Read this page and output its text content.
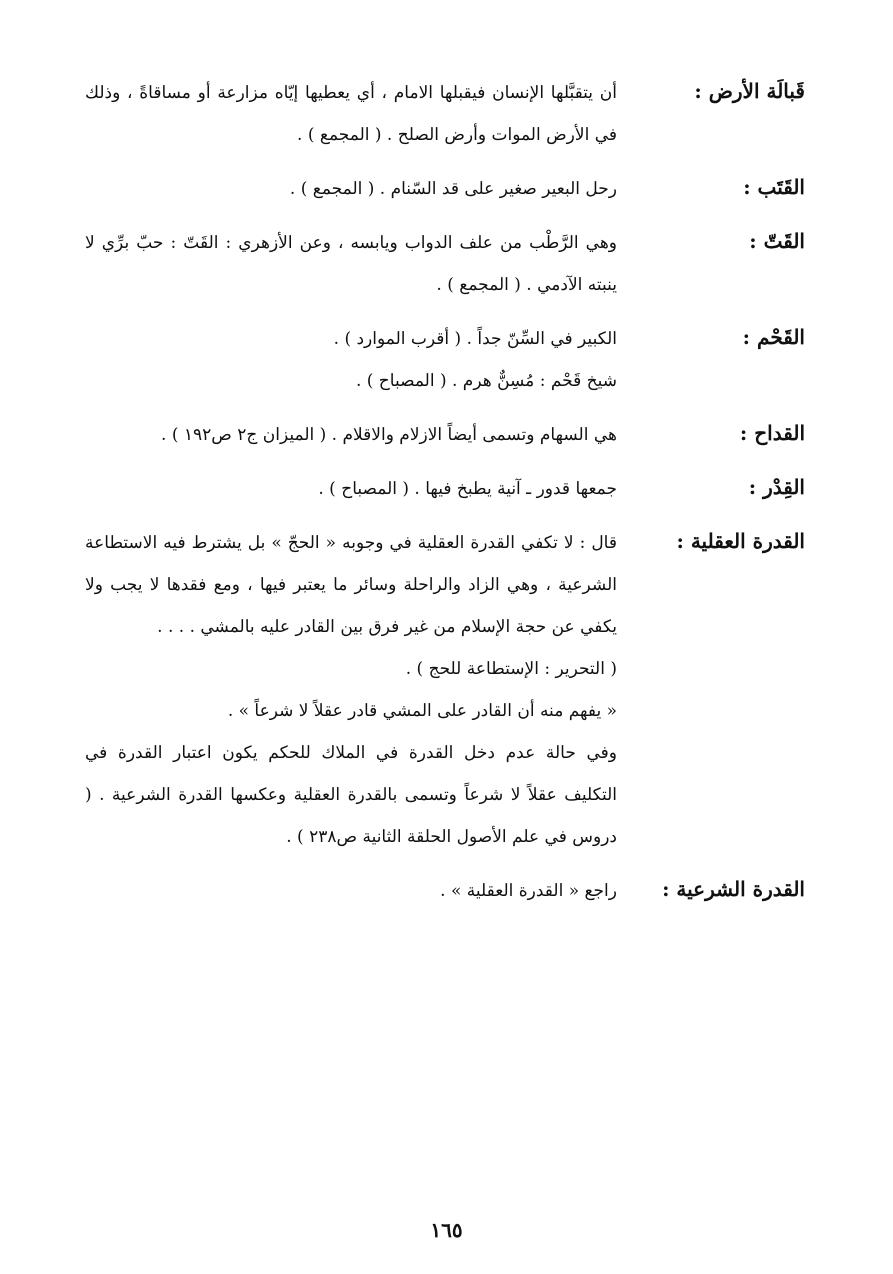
قَبالَة الأرض :

أن يتقبَّلها الإنسان فيقبلها الامام ، أي يعطيها إيّاه مزارعة أو مساقاةً ، وذلك في الأرض الموات وأرض الصلح . ( المجمع ) .

القَتَب :

رحل البعير صغير على قد السّنام . ( المجمع ) .

القَتّ :

وهي الرَّطْب من علف الدواب ويابسه ، وعن الأزهري : القَتّ : حبّ برِّي لا ينبته الآدمي . ( المجمع ) .

القَحْم :

الكبير في السِّنّ جداً . ( أقرب الموارد ) .

شيخ قَحْم : مُسِنٌّ هرم . ( المصباح ) .

القداح :

هي السهام وتسمى أيضاً الازلام والاقلام . ( الميزان ج٢ ص١٩٢ ) .

القِدْر :

جمعها قدور ـ آنية يطبخ فيها . ( المصباح ) .

القدرة العقلية :

قال : لا تكفي القدرة العقلية في وجوبه « الحجّ » بل يشترط فيه الاستطاعة الشرعية ، وهي الزاد والراحلة وسائر ما يعتبر فيها ، ومع فقدها لا يجب ولا يكفي عن حجة الإسلام من غير فرق بين القادر عليه بالمشي . . . .

( التحرير : الإستطاعة للحج ) .

« يفهم منه أن القادر على المشي قادر عقلاً لا شرعاً » .

وفي حالة عدم دخل القدرة في الملاك للحكم يكون اعتبار القدرة في التكليف عقلاً لا شرعاً وتسمى بالقدرة العقلية وعكسها القدرة الشرعية . ( دروس في علم الأصول الحلقة الثانية ص٢٣٨ ) .

القدرة الشرعية :

راجع « القدرة العقلية » .

١٦٥
